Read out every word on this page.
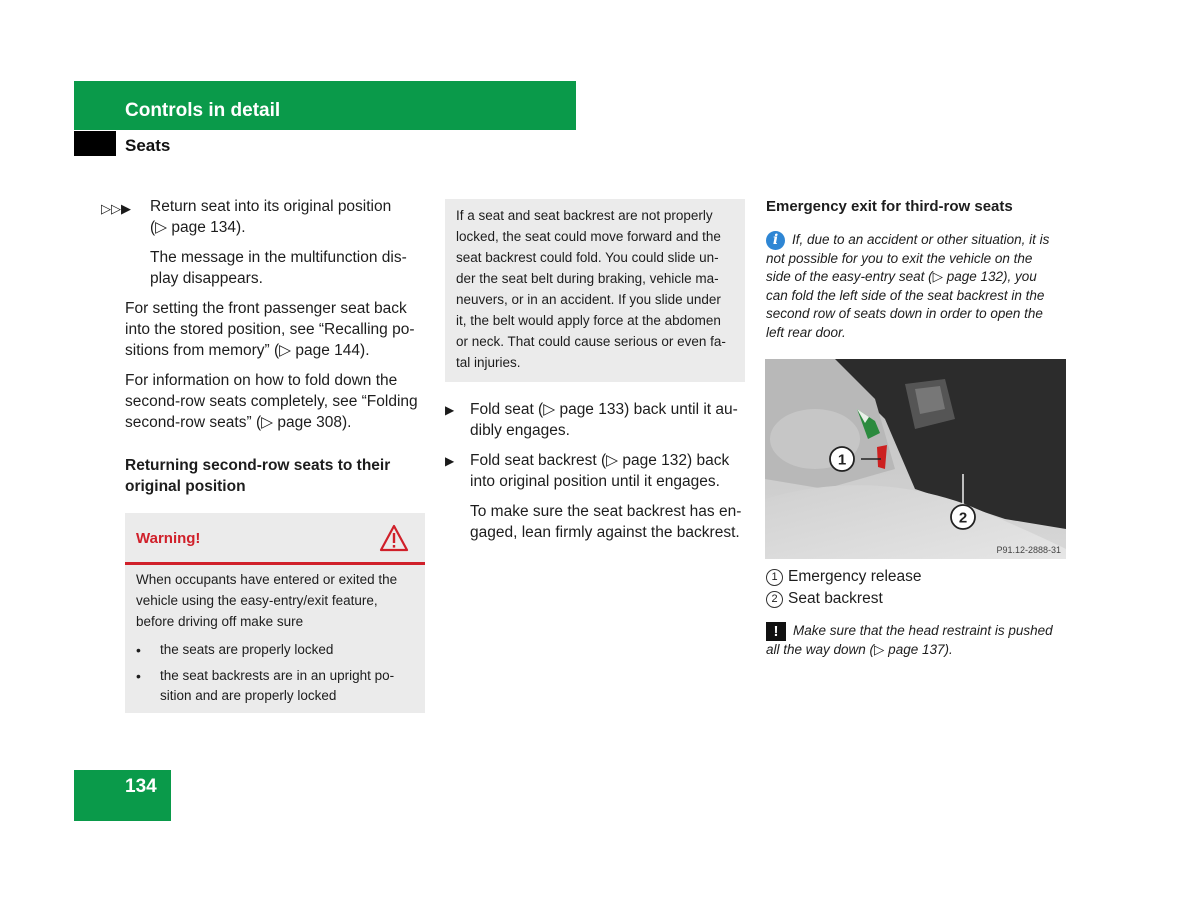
Controls in detail
Seats
▷▷▶ Return seat into its original position
(▷ page 134).
The message in the multifunction dis-
play disappears.
For setting the front passenger seat back
into the stored position, see “Recalling po-
sitions from memory” (▷ page 144).
For information on how to fold down the
second-row seats completely, see “Folding
second-row seats” (▷ page 308).
Returning second-row seats to their
original position
Warning!
When occupants have entered or exited the
vehicle using the easy-entry/exit feature,
before driving off make sure
• the seats are properly locked
• the seat backrests are in an upright po-
sition and are properly locked
If a seat and seat backrest are not properly
locked, the seat could move forward and the
seat backrest could fold. You could slide un-
der the seat belt during braking, vehicle ma-
neuvers, or in an accident. If you slide under
it, the belt would apply force at the abdomen
or neck. That could cause serious or even fa-
tal injuries.
▶ Fold seat (▷ page 133) back until it au-
dibly engages.
▶ Fold seat backrest (▷ page 132) back
into original position until it engages.
To make sure the seat backrest has en-
gaged, lean firmly against the backrest.
Emergency exit for third-row seats
i	If, due to an accident or other situation, it is
not possible for you to exit the vehicle on the
side of the easy-entry seat (▷ page 132), you
can fold the left side of the seat backrest in the
second row of seats down in order to open the
left rear door.
1
2
P91.12-2888-31
1 Emergency release
2 Seat backrest
!	Make sure that the head restraint is pushed
all the way down (▷ page 137).
134
